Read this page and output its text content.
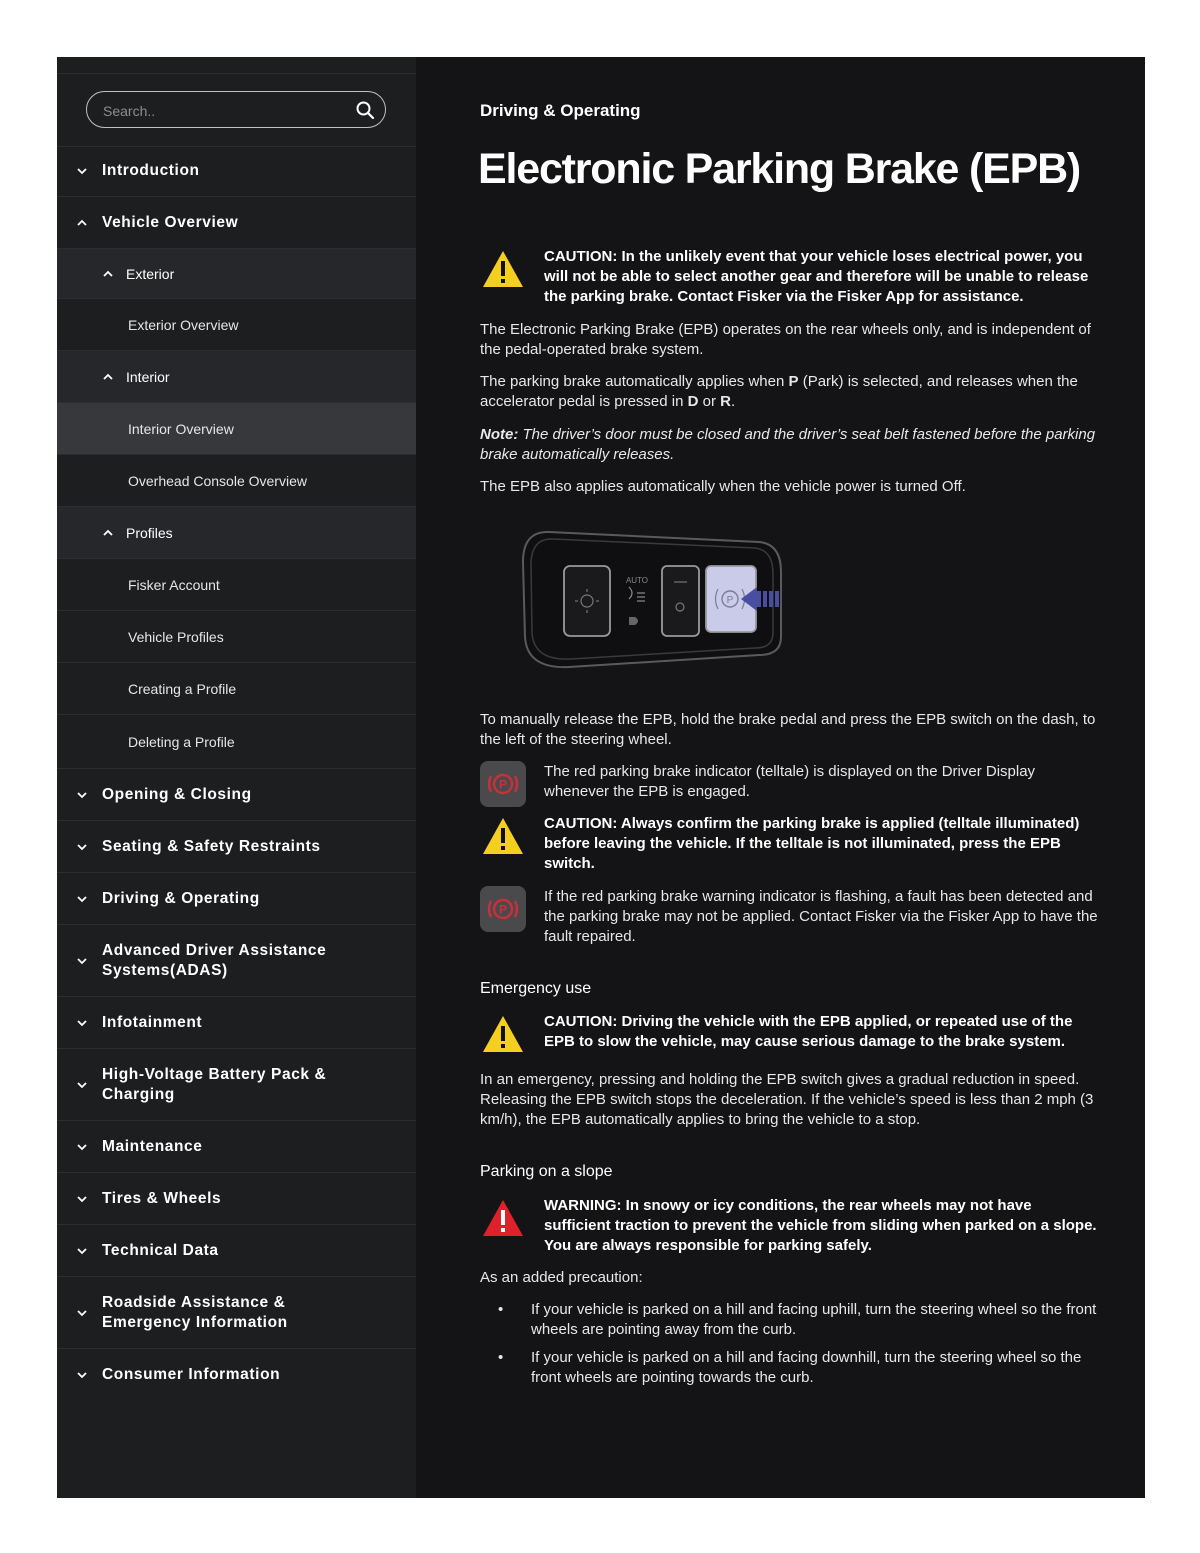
Search..
Introduction
Vehicle Overview
Exterior
Exterior Overview
Interior
Interior Overview
Overhead Console Overview
Profiles
Fisker Account
Vehicle Profiles
Creating a Profile
Deleting a Profile
Opening & Closing
Seating & Safety Restraints
Driving & Operating
Advanced Driver Assistance Systems(ADAS)
Infotainment
High-Voltage Battery Pack & Charging
Maintenance
Tires & Wheels
Technical Data
Roadside Assistance & Emergency Information
Consumer Information
Driving & Operating
Electronic Parking Brake (EPB)
CAUTION: In the unlikely event that your vehicle loses electrical power, you will not be able to select another gear and therefore will be unable to release the parking brake. Contact Fisker via the Fisker App for assistance.

The Electronic Parking Brake (EPB) operates on the rear wheels only, and is independent of the pedal-operated brake system.

The parking brake automatically applies when P (Park) is selected, and releases when the accelerator pedal is pressed in D or R.

Note: The driver’s door must be closed and the driver’s seat belt fastened before the parking brake automatically releases.

The EPB also applies automatically when the vehicle power is turned Off.

AUTO
P

To manually release the EPB, hold the brake pedal and press the EPB switch on the dash, to the left of the steering wheel.

P
The red parking brake indicator (telltale) is displayed on the Driver Display whenever the EPB is engaged.
CAUTION: Always confirm the parking brake is applied (telltale illuminated) before leaving the vehicle. If the telltale is not illuminated, press the EPB switch.
P
If the red parking brake warning indicator is flashing, a fault has been detected and the parking brake may not be applied. Contact Fisker via the Fisker App to have the fault repaired.
Emergency use
CAUTION: Driving the vehicle with the EPB applied, or repeated use of the EPB to slow the vehicle, may cause serious damage to the brake system.

In an emergency, pressing and holding the EPB switch gives a gradual reduction in speed. Releasing the EPB switch stops the deceleration. If the vehicle’s speed is less than 2 mph (3 km/h), the EPB automatically applies to bring the vehicle to a stop.

Parking on a slope
WARNING: In snowy or icy conditions, the rear wheels may not have sufficient traction to prevent the vehicle from sliding when parked on a slope. You are always responsible for parking safely.

As an added precaution:

• If your vehicle is parked on a hill and facing uphill, turn the steering wheel so the front wheels are pointing away from the curb.
• If your vehicle is parked on a hill and facing downhill, turn the steering wheel so the front wheels are pointing towards the curb.
